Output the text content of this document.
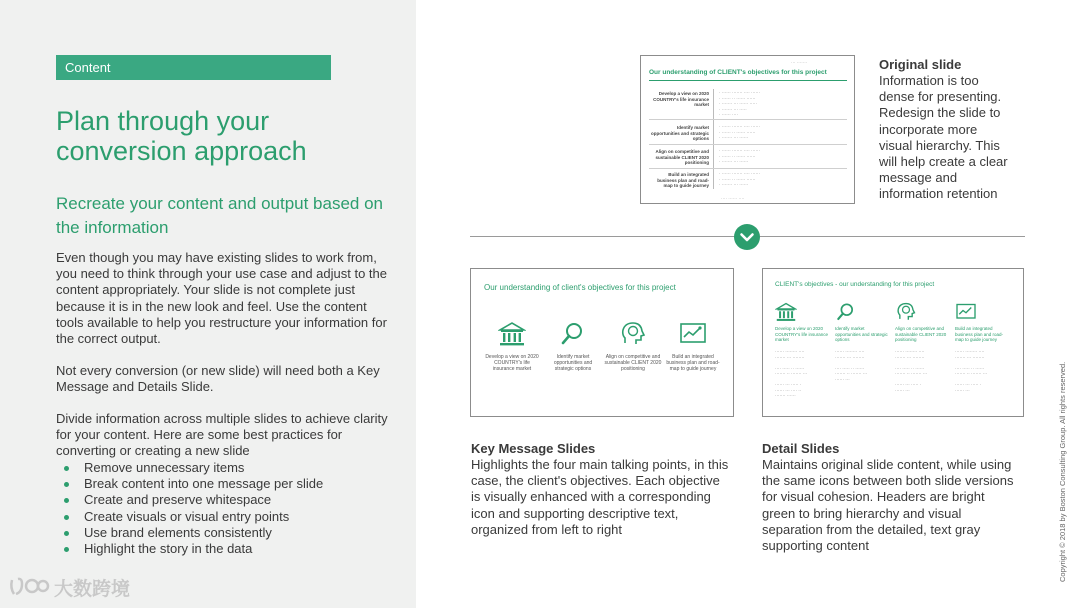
Content
Plan through your conversion approach
Recreate your content and output based on the information

Even though you may have existing slides to work from, you need to think through your use case and adjust to the content appropriately. Your slide is not complete just because it is in the new look and feel. Use the content tools available to help you restructure your information for the correct output.

Not every conversion (or new slide) will need both a Key Message and Details Slide.

Divide information across multiple slides to achieve clarity for your content. Here are some best practices for converting or creating a new slide

Remove unnecessary items
Break content into one message per slide
Create and preserve whitespace
Create visuals or visual entry points
Use brand elements consistently
Highlight the story in the data
大数跨境
··· ·······
Our understanding of CLIENT's objectives for this project
Develop a view on 2020 COUNTRY's life insurance market
· ······ ······· ···· ······
· ······ ·· ······ ······
· ······· ··· ······ ·····
· ······· ··· ·····
· ······ ····
Identify market opportunities and strategic options
· ······ ······· ···· ······
· ······ ·· ······ ······
· ······· ··· ······
Align on competitive and sustainable CLIENT 2020 positioning
· ······ ······· ···· ······
· ······ ·· ······ ······
· ······· ··· ······
Build an integrated business plan and road-map to guide journey
· ······ ······· ···· ······
· ······ ·· ······ ······
· ······· ··· ······
···· ······ ····
Original slide
Information is too dense for presenting. Redesign the slide to incorporate more visual hierarchy. This will help create a clear message and information retention
Our understanding of client's objectives for this project
Develop a view on 2020 COUNTRY's life insurance market
Identify market opportunities and strategic options
Align on competitive and sustainable CLIENT 2020 positioning
Build an integrated business plan and road-map to guide journey
Key Message Slides
Highlights the four main talking points, in this case, the client's objectives. Each objective is visually enhanced with a corresponding icon and supporting descriptive text, organized from left to right
CLIENT's objectives - our understanding for this project
Develop a view on 2020 COUNTRY's life insurance market
Identify market opportunities and strategic options
Align on competitive and sustainable CLIENT 2020 positioning
Build an integrated business plan and road-map to guide journey
······ ········ ····
······· ··· ········

···· ····· ·· ······
······· ·· ······· ···

······ ··· ····· ·
······ ··· ···· ··
······· ······
······ ········ ····
······· ··· ········

···· ····· ·· ······
······· ·· ······· ···
······ ···
······ ········ ····
······· ··· ········

···· ····· ·· ······
······· ·· ······· ···

······ ··· ····· ·
······ ···
······ ········ ····
······· ··· ········

···· ····· ·· ······
······· ·· ······· ···

······ ··· ····· ·
······ ···
Detail Slides
Maintains original slide content, while using the same icons between both slide versions for visual cohesion. Headers are bright green to bring hierarchy and visual separation from the detailed, text gray supporting content	Copyright © 2018 by Boston Consulting Group. All rights reserved.
